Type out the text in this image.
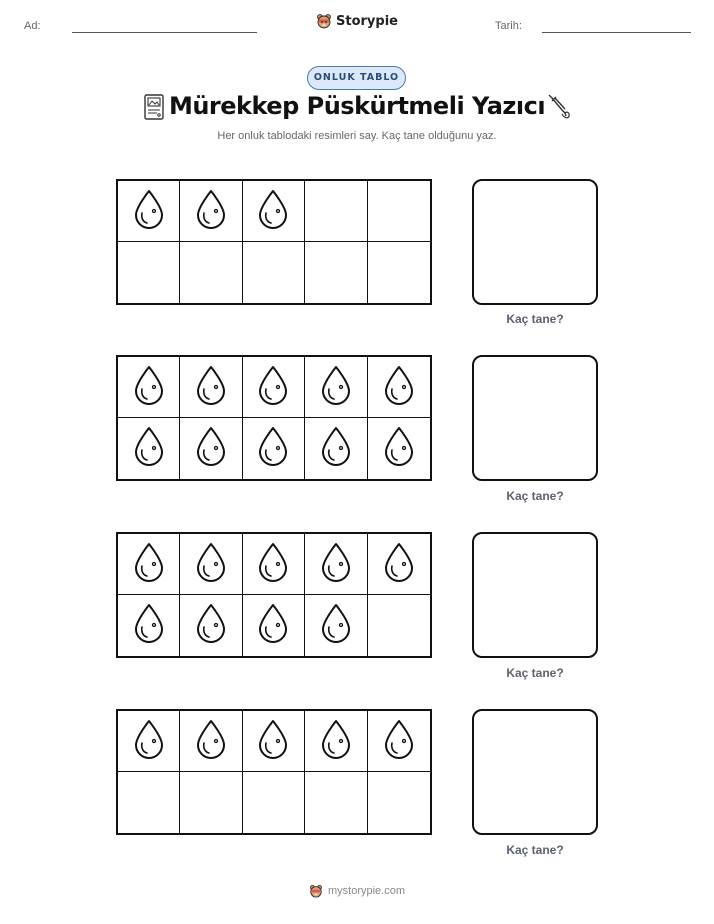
Ad:	Storypie	Tarih:
ONLUK TABLO
Mürekkep Püskürtmeli Yazıcı
Her onluk tablodaki resimleri say. Kaç tane olduğunu yaz.
Kaç tane?
Kaç tane?
Kaç tane?
Kaç tane?
mystorypie.com
